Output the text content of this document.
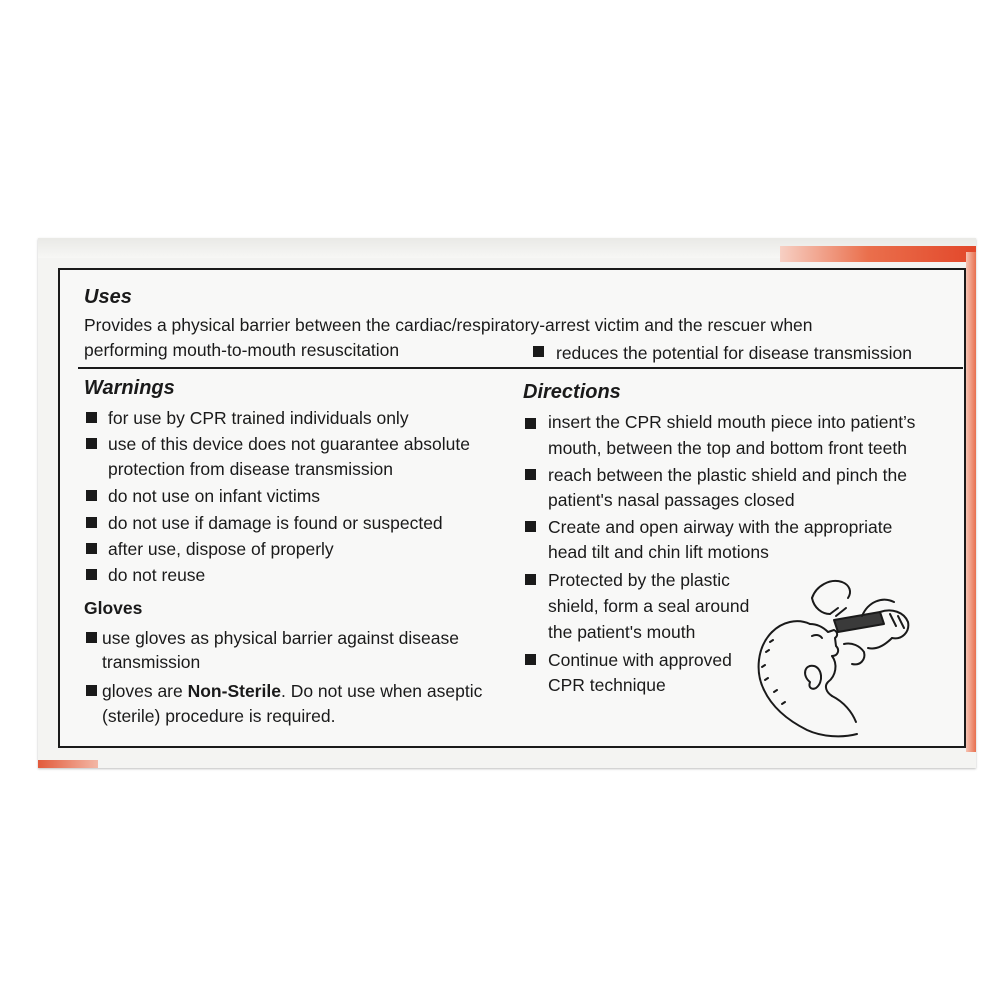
Uses
Provides a physical barrier between the cardiac/respiratory-arrest victim and the rescuer when
performing mouth-to-mouth resuscitation	reduces the potential for disease transmission
Warnings
for use by CPR trained individuals only
use of this device does not guarantee absolute
protection from disease transmission
do not use on infant victims
do not use if damage is found or suspected
after use, dispose of properly
do not reuse
Gloves
use gloves as physical barrier against disease
transmission
gloves are Non-Sterile. Do not use when aseptic
(sterile) procedure is required.
Directions
insert the CPR shield mouth piece into patient’s
mouth, between the top and bottom front teeth
reach between the plastic shield and pinch the
patient's nasal passages closed
Create and open airway with the appropriate
head tilt and chin lift motions
Protected by the plastic
shield, form a seal around
the patient's mouth
Continue with approved
CPR technique
